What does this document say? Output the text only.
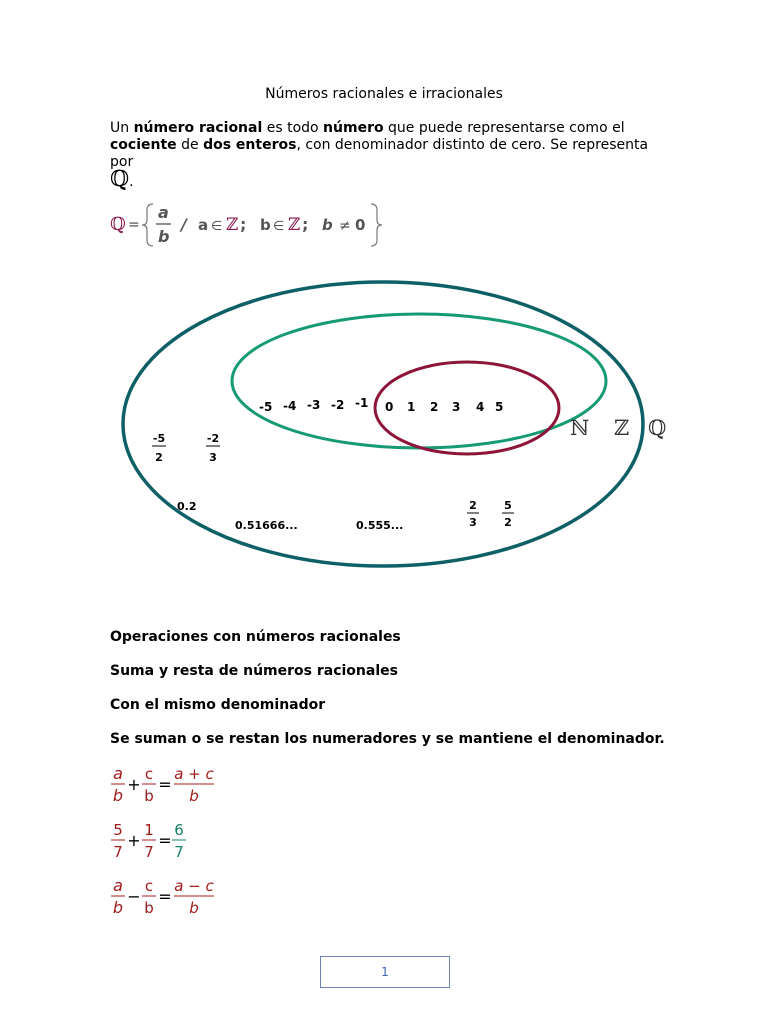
Números racionales e irracionales
Un número racional es todo número que puede representarse como el cociente de dos enteros, con denominador distinto de cero. Se representa por
ℚ.
ℚ =
a
b
/ a ∈ ℤ ; b ∈ ℤ ; b ≠ 0
0 1 2 3 4 5
-5 -4 -3 -2 -1
-5
2
-2
3
0.2
0.51666...	0.555...
2
3
5
2
ℕ ℤ ℚ
Operaciones con números racionales
Suma y resta de números racionales
Con el mismo denominador
Se suman o se restan los numeradores y se mantiene el denominador.
a
b
+
c
b
=
a + c
b
5
7
+
1
7
=
6
7
a
b
−
c
b
=
a − c
b
1
